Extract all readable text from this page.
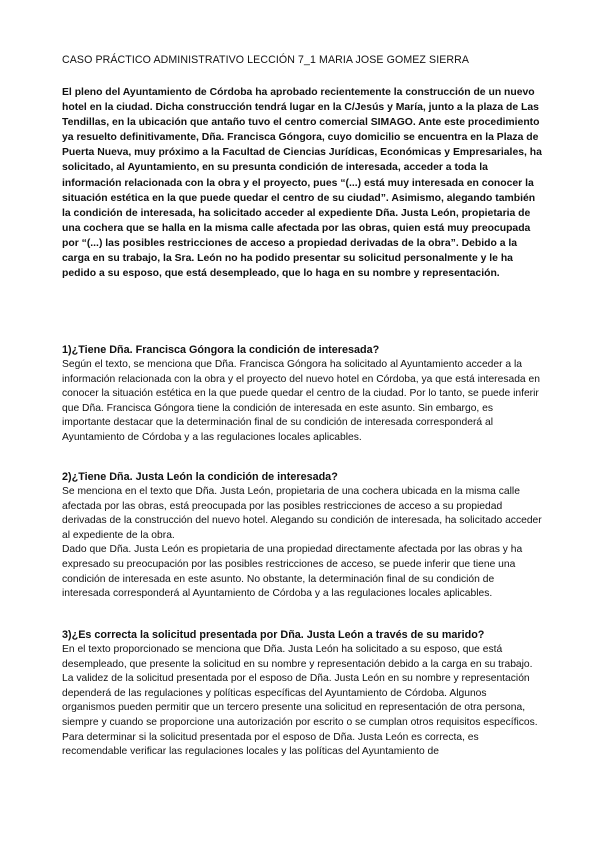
CASO PRÁCTICO ADMINISTRATIVO LECCIÓN 7_1 MARIA JOSE GOMEZ SIERRA

El pleno del Ayuntamiento de Córdoba ha aprobado recientemente la construcción de un nuevo hotel en la ciudad. Dicha construcción tendrá lugar en la C/Jesús y María, junto a la plaza de Las Tendillas, en la ubicación que antaño tuvo el centro comercial SIMAGO. Ante este procedimiento ya resuelto definitivamente, Dña. Francisca Góngora, cuyo domicilio se encuentra en la Plaza de Puerta Nueva, muy próximo a la Facultad de Ciencias Jurídicas, Económicas y Empresariales, ha solicitado, al Ayuntamiento, en su presunta condición de interesada, acceder a toda la información relacionada con la obra y el proyecto, pues “(...) está muy interesada en conocer la situación estética en la que puede quedar el centro de su ciudad”. Asimismo, alegando también la condición de interesada, ha solicitado acceder al expediente Dña. Justa León, propietaria de una cochera que se halla en la misma calle afectada por las obras, quien está muy preocupada por “(...) las posibles restricciones de acceso a propiedad derivadas de la obra”. Debido a la carga en su trabajo, la Sra. León no ha podido presentar su solicitud personalmente y le ha pedido a su esposo, que está desempleado, que lo haga en su nombre y representación.

1)¿Tiene Dña. Francisca Góngora la condición de interesada?

Según el texto, se menciona que Dña. Francisca Góngora ha solicitado al Ayuntamiento acceder a la información relacionada con la obra y el proyecto del nuevo hotel en Córdoba, ya que está interesada en conocer la situación estética en la que puede quedar el centro de la ciudad. Por lo tanto, se puede inferir que Dña. Francisca Góngora tiene la condición de interesada en este asunto. Sin embargo, es importante destacar que la determinación final de su condición de interesada corresponderá al Ayuntamiento de Córdoba y a las regulaciones locales aplicables.

2)¿Tiene Dña. Justa León la condición de interesada?

Se menciona en el texto que Dña. Justa León, propietaria de una cochera ubicada en la misma calle afectada por las obras, está preocupada por las posibles restricciones de acceso a su propiedad derivadas de la construcción del nuevo hotel. Alegando su condición de interesada, ha solicitado acceder al expediente de la obra.

Dado que Dña. Justa León es propietaria de una propiedad directamente afectada por las obras y ha expresado su preocupación por las posibles restricciones de acceso, se puede inferir que tiene una condición de interesada en este asunto. No obstante, la determinación final de su condición de interesada corresponderá al Ayuntamiento de Córdoba y a las regulaciones locales aplicables.

3)¿Es correcta la solicitud presentada por Dña. Justa León a través de su marido?

En el texto proporcionado se menciona que Dña. Justa León ha solicitado a su esposo, que está desempleado, que presente la solicitud en su nombre y representación debido a la carga en su trabajo.

La validez de la solicitud presentada por el esposo de Dña. Justa León en su nombre y representación dependerá de las regulaciones y políticas específicas del Ayuntamiento de Córdoba. Algunos organismos pueden permitir que un tercero presente una solicitud en representación de otra persona, siempre y cuando se proporcione una autorización por escrito o se cumplan otros requisitos específicos.

Para determinar si la solicitud presentada por el esposo de Dña. Justa León es correcta, es recomendable verificar las regulaciones locales y las políticas del Ayuntamiento de
